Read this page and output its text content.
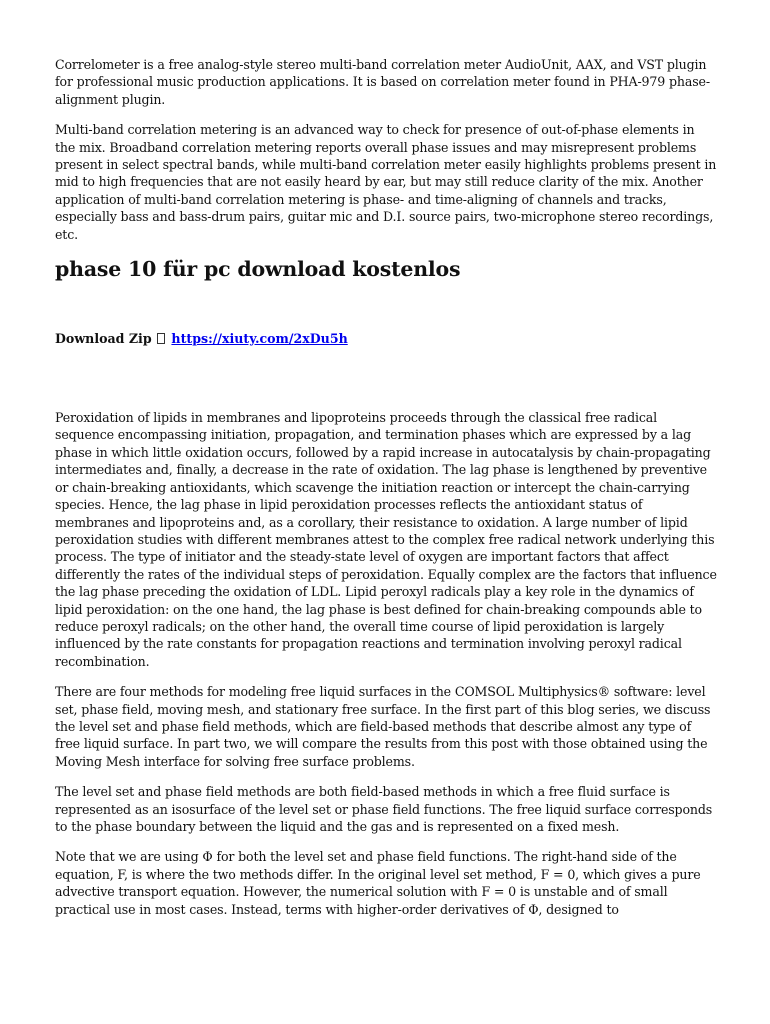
Correlometer is a free analog-style stereo multi-band correlation meter AudioUnit, AAX, and VST plugin for professional music production applications. It is based on correlation meter found in PHA-979 phase-alignment plugin.

Multi-band correlation metering is an advanced way to check for presence of out-of-phase elements in the mix. Broadband correlation metering reports overall phase issues and may misrepresent problems present in select spectral bands, while multi-band correlation meter easily highlights problems present in mid to high frequencies that are not easily heard by ear, but may still reduce clarity of the mix. Another application of multi-band correlation metering is phase- and time-aligning of channels and tracks, especially bass and bass-drum pairs, guitar mic and D.I. source pairs, two-microphone stereo recordings, etc.

phase 10 für pc download kostenlos
Download Zip https://xiuty.com/2xDu5h

Peroxidation of lipids in membranes and lipoproteins proceeds through the classical free radical sequence encompassing initiation, propagation, and termination phases which are expressed by a lag phase in which little oxidation occurs, followed by a rapid increase in autocatalysis by chain-propagating intermediates and, finally, a decrease in the rate of oxidation. The lag phase is lengthened by preventive or chain-breaking antioxidants, which scavenge the initiation reaction or intercept the chain-carrying species. Hence, the lag phase in lipid peroxidation processes reflects the antioxidant status of membranes and lipoproteins and, as a corollary, their resistance to oxidation. A large number of lipid peroxidation studies with different membranes attest to the complex free radical network underlying this process. The type of initiator and the steady-state level of oxygen are important factors that affect differently the rates of the individual steps of peroxidation. Equally complex are the factors that influence the lag phase preceding the oxidation of LDL. Lipid peroxyl radicals play a key role in the dynamics of lipid peroxidation: on the one hand, the lag phase is best defined for chain-breaking compounds able to reduce peroxyl radicals; on the other hand, the overall time course of lipid peroxidation is largely influenced by the rate constants for propagation reactions and termination involving peroxyl radical recombination.

There are four methods for modeling free liquid surfaces in the COMSOL Multiphysics® software: level set, phase field, moving mesh, and stationary free surface. In the first part of this blog series, we discuss the level set and phase field methods, which are field-based methods that describe almost any type of free liquid surface. In part two, we will compare the results from this post with those obtained using the Moving Mesh interface for solving free surface problems.

The level set and phase field methods are both field-based methods in which a free fluid surface is represented as an isosurface of the level set or phase field functions. The free liquid surface corresponds to the phase boundary between the liquid and the gas and is represented on a fixed mesh.

Note that we are using Φ for both the level set and phase field functions. The right-hand side of the equation, F, is where the two methods differ. In the original level set method, F = 0, which gives a pure advective transport equation. However, the numerical solution with F = 0 is unstable and of small practical use in most cases. Instead, terms with higher-order derivatives of Φ, designed to
